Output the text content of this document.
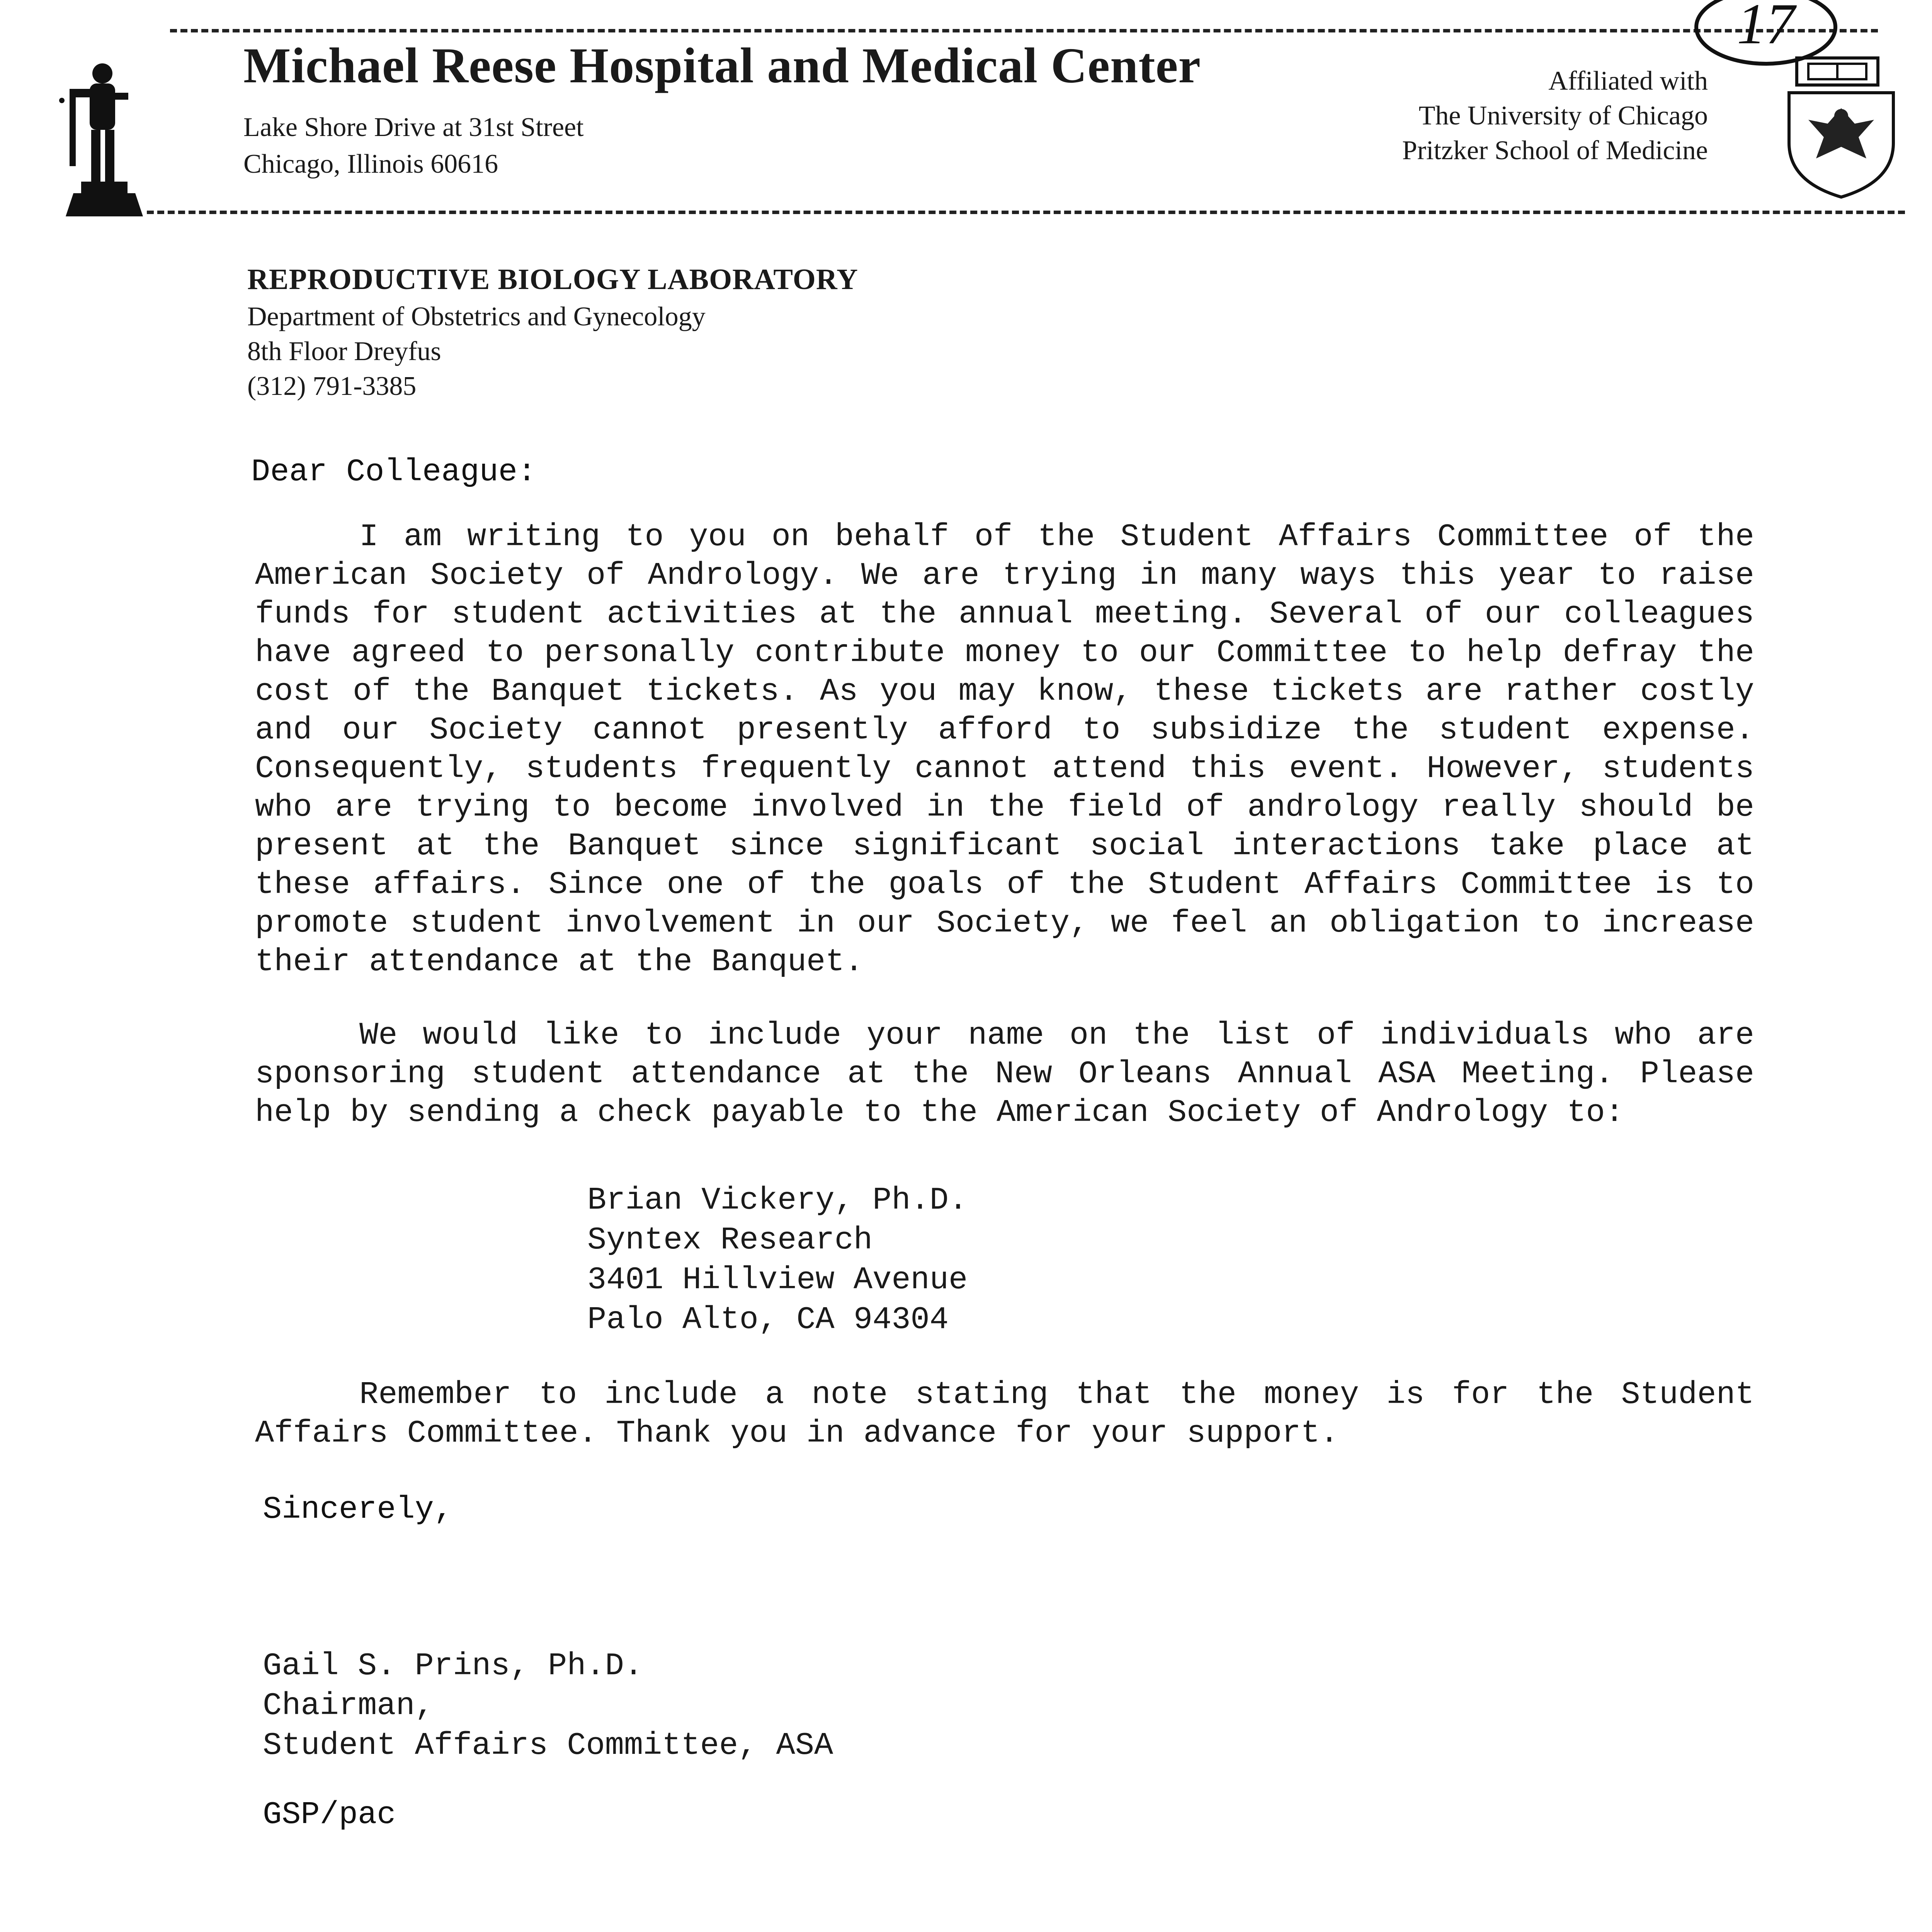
Michael Reese Hospital and Medical Center
Lake Shore Drive at 31st Street
Chicago, Illinois 60616
Affiliated with
The University of Chicago
Pritzker School of Medicine
17
REPRODUCTIVE BIOLOGY LABORATORY
Department of Obstetrics and Gynecology
8th Floor Dreyfus
(312) 791-3385
Dear Colleague:
I am writing to you on behalf of the Student Affairs Committee of the American Society of Andrology. We are trying in many ways this year to raise funds for student activities at the annual meeting. Several of our colleagues have agreed to personally contribute money to our Committee to help defray the cost of the Banquet tickets. As you may know, these tickets are rather costly and our Society cannot presently afford to subsidize the student expense. Consequently, students frequently cannot attend this event. However, students who are trying to become involved in the field of andrology really should be present at the Banquet since significant social interactions take place at these affairs. Since one of the goals of the Student Affairs Committee is to promote student involvement in our Society, we feel an obligation to increase their attendance at the Banquet.
We would like to include your name on the list of individuals who are sponsoring student attendance at the New Orleans Annual ASA Meeting. Please help by sending a check payable to the American Society of Andrology to:
Brian Vickery, Ph.D.
Syntex Research
3401 Hillview Avenue
Palo Alto, CA 94304
Remember to include a note stating that the money is for the Student Affairs Committee. Thank you in advance for your support.
Sincerely,
Gail S. Prins, Ph.D.
Chairman,
Student Affairs Committee, ASA
GSP/pac
